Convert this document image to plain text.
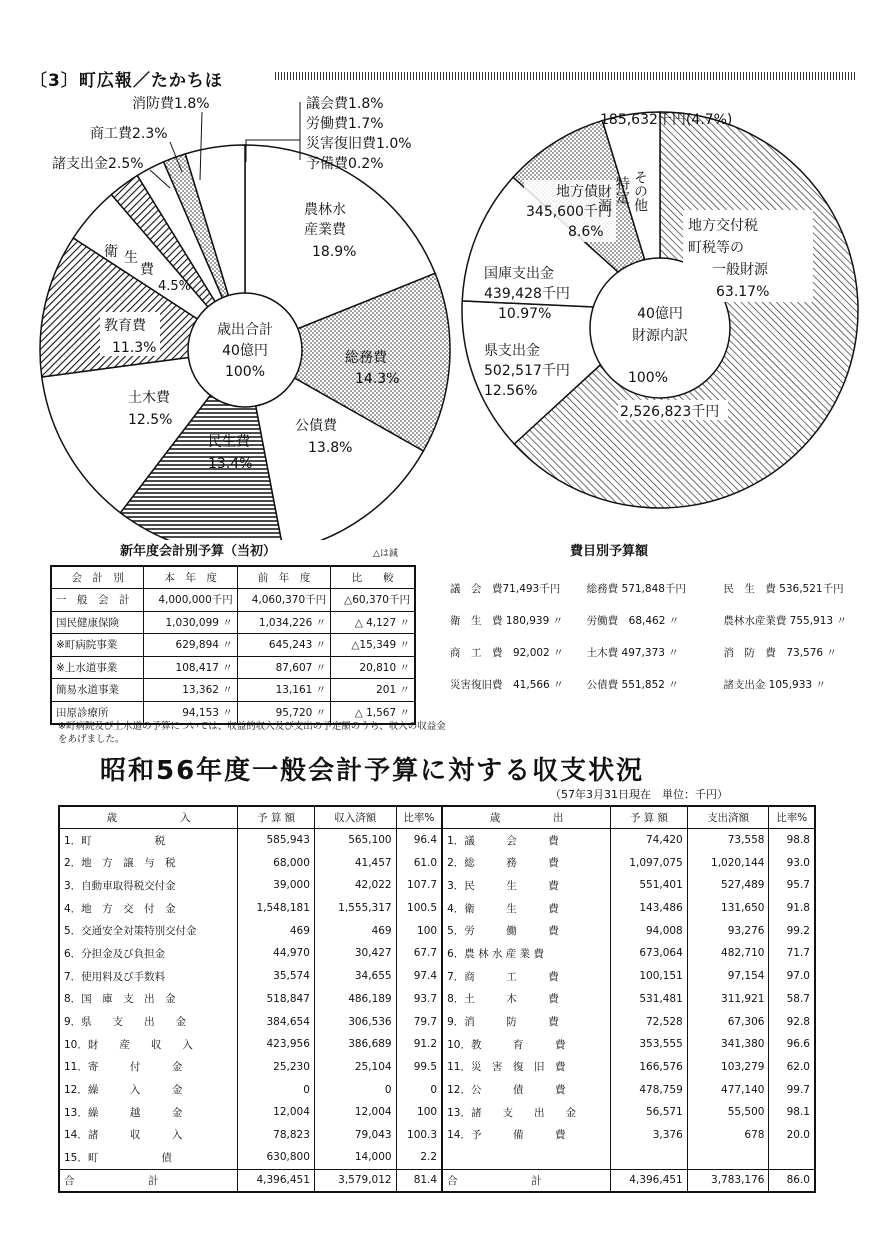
〔3〕町広報／たかちほ
歳出合計
40億円
100%
農林水
産業費
18.9%
総務費
14.3%
公債費
13.8%
民生費
13.4%
土木費
12.5%
教育費
11.3%
衛 生
費
4.5%
諸支出金2.5%
商工費2.3%
消防費1.8%	議会費1.8%
労働費1.7%
災害復旧費1.0%
予備費0.2%
40億円
財源内訳
100%
185,632千円(4.7%)
地方交付税
町税等の
一般財源
63.17%
2,526,823千円
県支出金
502,517千円
12.56%
国庫支出金
439,428千円
10.97%
地方債
345,600千円
8.6%
その他
特定
財源
新年度会計別予算（当初）	△は減
会　計　別	本　年　度	前　年　度	比　　較
一　般　会　計	4,000,000千円	4,060,370千円	△60,370千円
国民健康保険	1,030,099 〃	1,034,226 〃	△ 4,127 〃
※町病院事業	629,894 〃	645,243 〃	△15,349 〃
※上水道事業	108,417 〃	87,607 〃	20,810 〃
簡易水道事業	13,362 〃	13,161 〃	201 〃
田原診療所	94,153 〃	95,720 〃	△ 1,567 〃
※町病院及び上水道の予算については、収益的収入及び支出の予定額のうち、収入の収益金をあげました。
費目別予算額
議　会　費71,493千円	総務費 571,848千円	民　生　費 536,521千円
衛　生　費 180,939 〃	労働費　68,462 〃	農林水産業費 755,913 〃
商　工　費　92,002 〃	土木費 497,373 〃	消　防　費　73,576 〃
災害復旧費　41,566 〃	公債費 551,852 〃	諸支出金 105,933 〃
昭和56年度一般会計予算に対する収支状況
（57年3月31日現在　単位：千円）
歳　　　　　　入	予 算 額	収入済額	比率%	歳　　　　　出	予 算 額	支出済額	比率%
1．町　　　　　　税	585,943	565,100	96.4	1．議　　　会　　　費	74,420	73,558	98.8
2．地　方　譲　与　税	68,000	41,457	61.0	2．総　　　務　　　費	1,097,075	1,020,144	93.0
3．自動車取得税交付金	39,000	42,022	107.7	3．民　　　生　　　費	551,401	527,489	95.7
4．地　方　交　付　金	1,548,181	1,555,317	100.5	4．衛　　　生　　　費	143,486	131,650	91.8
5．交通安全対策特別交付金	469	469	100	5．労　　　働　　　費	94,008	93,276	99.2
6．分担金及び負担金	44,970	30,427	67.7	6．農 林 水 産 業 費	673,064	482,710	71.7
7．使用料及び手数料	35,574	34,655	97.4	7．商　　　工　　　費	100,151	97,154	97.0
8．国　庫　支　出　金	518,847	486,189	93.7	8．土　　　木　　　費	531,481	311,921	58.7
9．県　　支　　出　　金	384,654	306,536	79.7	9．消　　　防　　　費	72,528	67,306	92.8
10．財　　産　　収　　入	423,956	386,689	91.2	10．教　　　育　　　費	353,555	341,380	96.6
11．寄　　　付　　　金	25,230	25,104	99.5	11．災　害　復　旧　費	166,576	103,279	62.0
12．繰　　　入　　　金	0	0	0	12．公　　　債　　　費	478,759	477,140	99.7
13．繰　　　越　　　金	12,004	12,004	100	13．諸　　支　　出　　金	56,571	55,500	98.1
14．諸　　　収　　　入	78,823	79,043	100.3	14．予　　　備　　　費	3,376	678	20.0
15．町　　　　　　債	630,800	14,000	2.2				
合　　　　　　　計	4,396,451	3,579,012	81.4	合　　　　　　　計	4,396,451	3,783,176	86.0
